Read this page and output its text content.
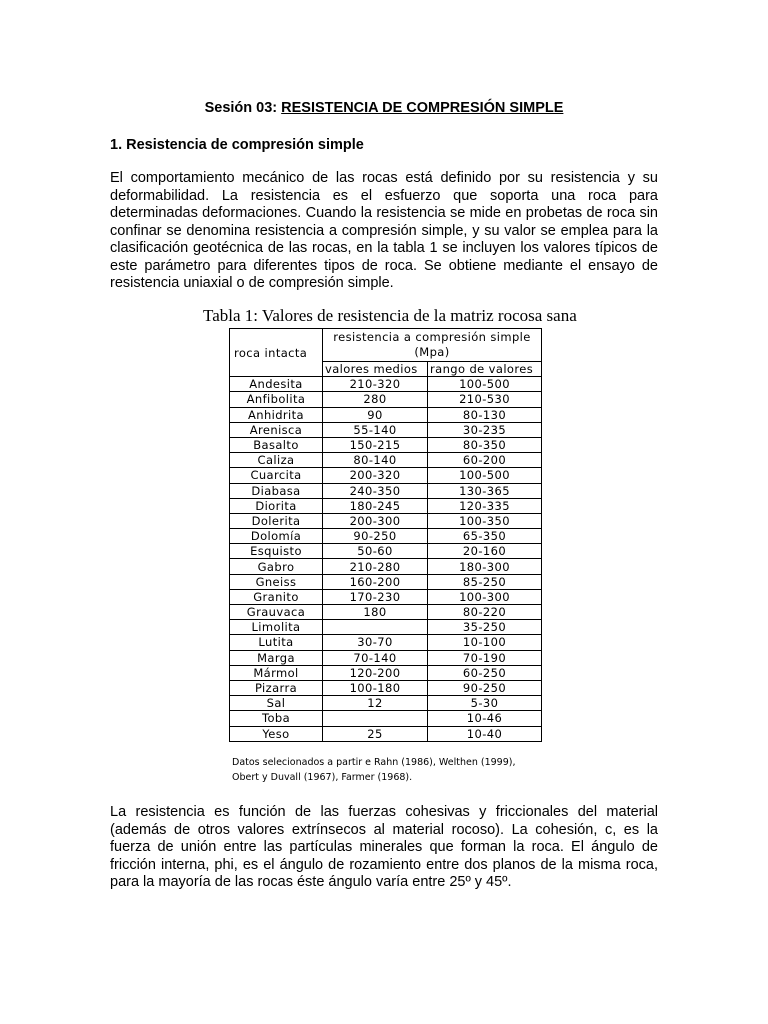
Sesión 03: RESISTENCIA DE COMPRESIÓN SIMPLE
1. Resistencia de compresión simple
El comportamiento mecánico de las rocas está definido por su resistencia y su deformabilidad. La resistencia es el esfuerzo que soporta una roca para determinadas deformaciones. Cuando la resistencia se mide en probetas de roca sin confinar se denomina resistencia a compresión simple, y su valor se emplea para la clasificación geotécnica de las rocas, en la tabla 1 se incluyen los valores típicos de este parámetro para diferentes tipos de roca. Se obtiene mediante el ensayo de resistencia uniaxial o de compresión simple.
Tabla 1: Valores de resistencia de la matriz rocosa sana
roca intacta	resistencia a compresión simple (Mpa)	
	valores medios	rango de valores
Andesita	210-320	100-500
Anfibolita	280	210-530
Anhidrita	90	80-130
Arenisca	55-140	30-235
Basalto	150-215	80-350
Caliza	80-140	60-200
Cuarcita	200-320	100-500
Diabasa	240-350	130-365
Diorita	180-245	120-335
Dolerita	200-300	100-350
Dolomía	90-250	65-350
Esquisto	50-60	20-160
Gabro	210-280	180-300
Gneiss	160-200	85-250
Granito	170-230	100-300
Grauvaca	180	80-220
Limolita		35-250
Lutita	30-70	10-100
Marga	70-140	70-190
Mármol	120-200	60-250
Pizarra	100-180	90-250
Sal	12	5-30
Toba		10-46
Yeso	25	10-40
Datos selecionados a partir e Rahn (1986), Welthen (1999),
Obert y Duvall (1967), Farmer (1968).
La resistencia es función de las fuerzas cohesivas y friccionales del material (además de otros valores extrínsecos al material rocoso). La cohesión, c, es la fuerza de unión entre las partículas minerales que forman la roca. El ángulo de fricción interna, phi, es el ángulo de rozamiento entre dos planos de la misma roca, para la mayoría de las rocas éste ángulo varía entre 25º y 45º.
